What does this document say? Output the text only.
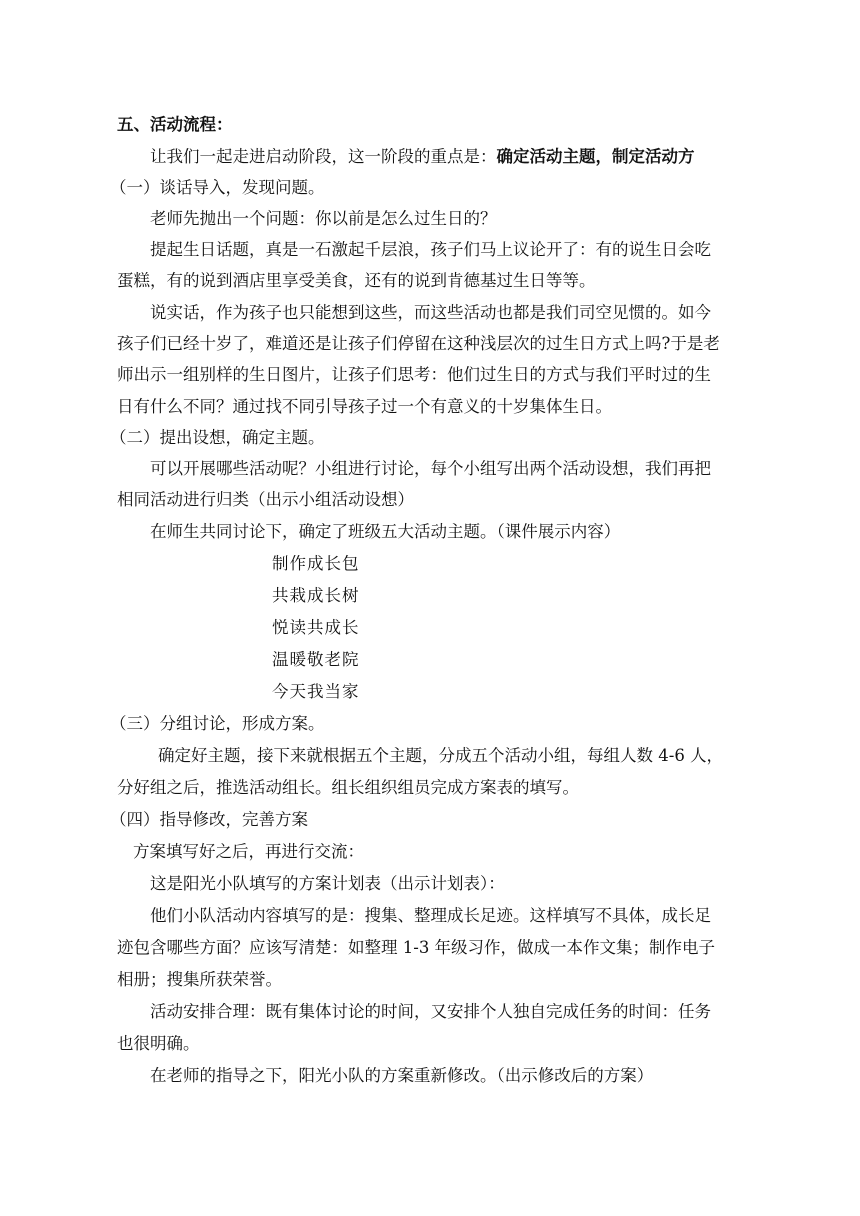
五、活动流程：
让我们一起走进启动阶段，这一阶段的重点是：确定活动主题，制定活动方
（一）谈话导入，发现问题。
老师先抛出一个问题：你以前是怎么过生日的？
提起生日话题，真是一石激起千层浪，孩子们马上议论开了：有的说生日会吃
蛋糕，有的说到酒店里享受美食，还有的说到肯德基过生日等等。
说实话，作为孩子也只能想到这些，而这些活动也都是我们司空见惯的。如今
孩子们已经十岁了，难道还是让孩子们停留在这种浅层次的过生日方式上吗?于是老
师出示一组别样的生日图片，让孩子们思考：他们过生日的方式与我们平时过的生
日有什么不同？通过找不同引导孩子过一个有意义的十岁集体生日。
（二）提出设想，确定主题。
可以开展哪些活动呢？小组进行讨论，每个小组写出两个活动设想，我们再把
相同活动进行归类（出示小组活动设想）
在师生共同讨论下，确定了班级五大活动主题。（课件展示内容）
制作成长包
共栽成长树
悦读共成长
温暖敬老院
今天我当家
（三）分组讨论，形成方案。
确定好主题，接下来就根据五个主题，分成五个活动小组，每组人数 4-6 人，
分好组之后，推选活动组长。组长组织组员完成方案表的填写。
（四）指导修改，完善方案
方案填写好之后，再进行交流：
这是阳光小队填写的方案计划表（出示计划表）：
他们小队活动内容填写的是：搜集、整理成长足迹。这样填写不具体，成长足
迹包含哪些方面？应该写清楚：如整理 1-3 年级习作，做成一本作文集；制作电子
相册；搜集所获荣誉。
活动安排合理：既有集体讨论的时间，又安排个人独自完成任务的时间：任务
也很明确。
在老师的指导之下，阳光小队的方案重新修改。（出示修改后的方案）
